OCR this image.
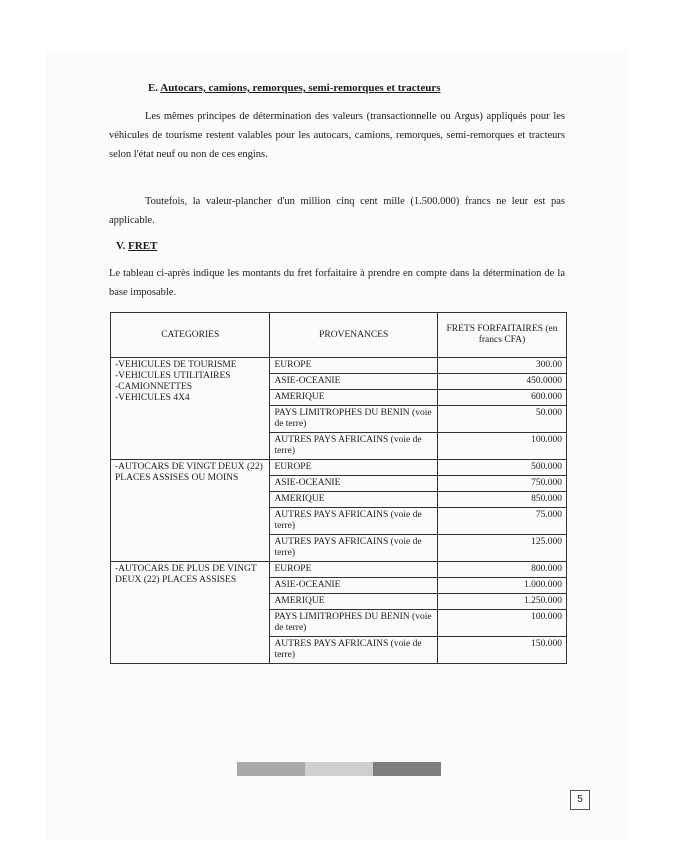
E. Autocars, camions, remorques, semi-remorques et tracteurs

Les mêmes principes de détermination des valeurs (transactionnelle ou Argus) appliqués pour les véhicules de tourisme restent valables pour les autocars, camions, remorques, semi-remorques et tracteurs selon l'état neuf ou non de ces engins.

Toutefois, la valeur-plancher d'un million cinq cent mille (1.500.000) francs ne leur est pas applicable.

V. FRET

Le tableau ci-après indique les montants du fret forfaitaire à prendre en compte dans la détermination de la base imposable.

CATEGORIES	PROVENANCES	FRETS FORFAITAIRES (en francs CFA)
-VEHICULES DE TOURISME
-VEHICULES UTILITAIRES
-CAMIONNETTES
-VEHICULES 4X4	EUROPE	300.00
	ASIE-OCEANIE	450.0000
	AMERIQUE	600.000
	PAYS LIMITROPHES DU BENIN (voie de terre)	50.000
	AUTRES PAYS AFRICAINS (voie de terre)	100.000
-AUTOCARS DE VINGT DEUX (22) PLACES ASSISES OU MOINS	EUROPE	500.000
	ASIE-OCEANIE	750.000
	AMERIQUE	850.000
	AUTRES PAYS AFRICAINS (voie de terre)	75.000
	AUTRES PAYS AFRICAINS (voie de terre)	125.000
-AUTOCARS DE PLUS DE VINGT DEUX (22) PLACES ASSISES	EUROPE	800.000
	ASIE-OCEANIE	1.000.000
	AMERIQUE	1.250.000
	PAYS LIMITROPHES DU BENIN (voie de terre)	100.000
	AUTRES PAYS AFRICAINS (voie de terre)	150.000
5
